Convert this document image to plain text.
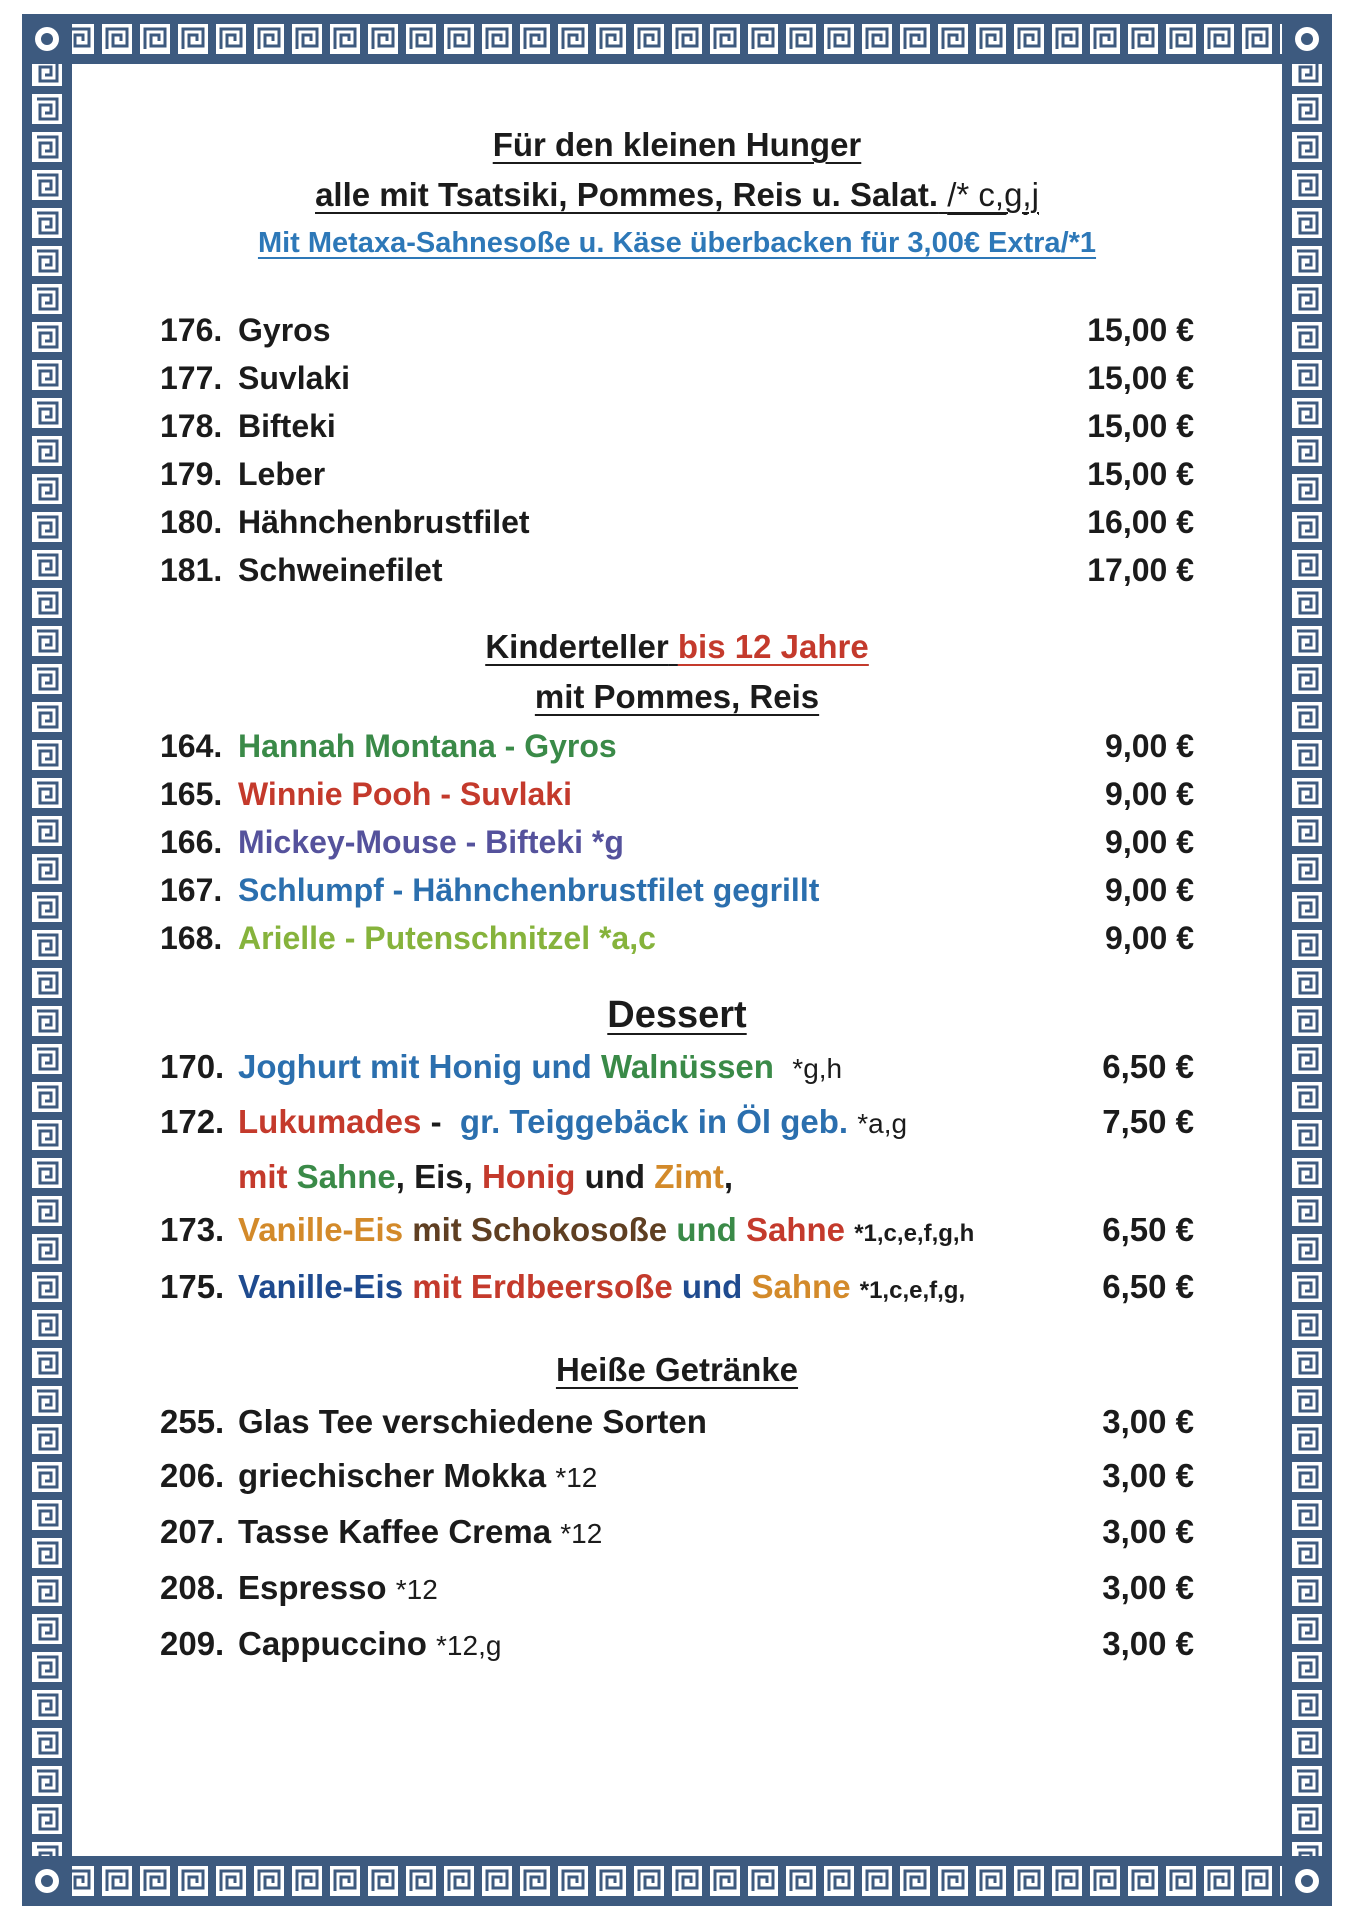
Für den kleinen Hunger
alle mit Tsatsiki, Pommes, Reis u. Salat. /* c,g,j
Mit Metaxa-Sahnesoße u. Käse überbacken für 3,00€ Extra/*1
176. Gyros	15,00 €
177. Suvlaki	15,00 €
178. Bifteki	15,00 €
179. Leber	15,00 €
180. Hähnchenbrustfilet	16,00 €
181. Schweinefilet	17,00 €
Kinderteller bis 12 Jahre
mit Pommes, Reis
164. Hannah Montana - Gyros	9,00 €
165. Winnie Pooh - Suvlaki	9,00 €
166. Mickey-Mouse - Bifteki *g	9,00 €
167. Schlumpf - Hähnchenbrustfilet gegrillt	9,00 €
168. Arielle - Putenschnitzel *a,c	9,00 €
Dessert
170. Joghurt mit Honig und Walnüssen *g,h	6,50 €
172. Lukumades - gr. Teiggebäck in Öl geb. *a,g	7,50 €
mit Sahne, Eis, Honig und Zimt,
173. Vanille-Eis mit Schokosoße und Sahne *1,c,e,f,g,h	6,50 €
175. Vanille-Eis mit Erdbeersoße und Sahne *1,c,e,f,g,	6,50 €
Heiße Getränke
255. Glas Tee verschiedene Sorten	3,00 €
206. griechischer Mokka *12	3,00 €
207. Tasse Kaffee Crema *12	3,00 €
208. Espresso *12	3,00 €
209. Cappuccino *12,g	3,00 €
